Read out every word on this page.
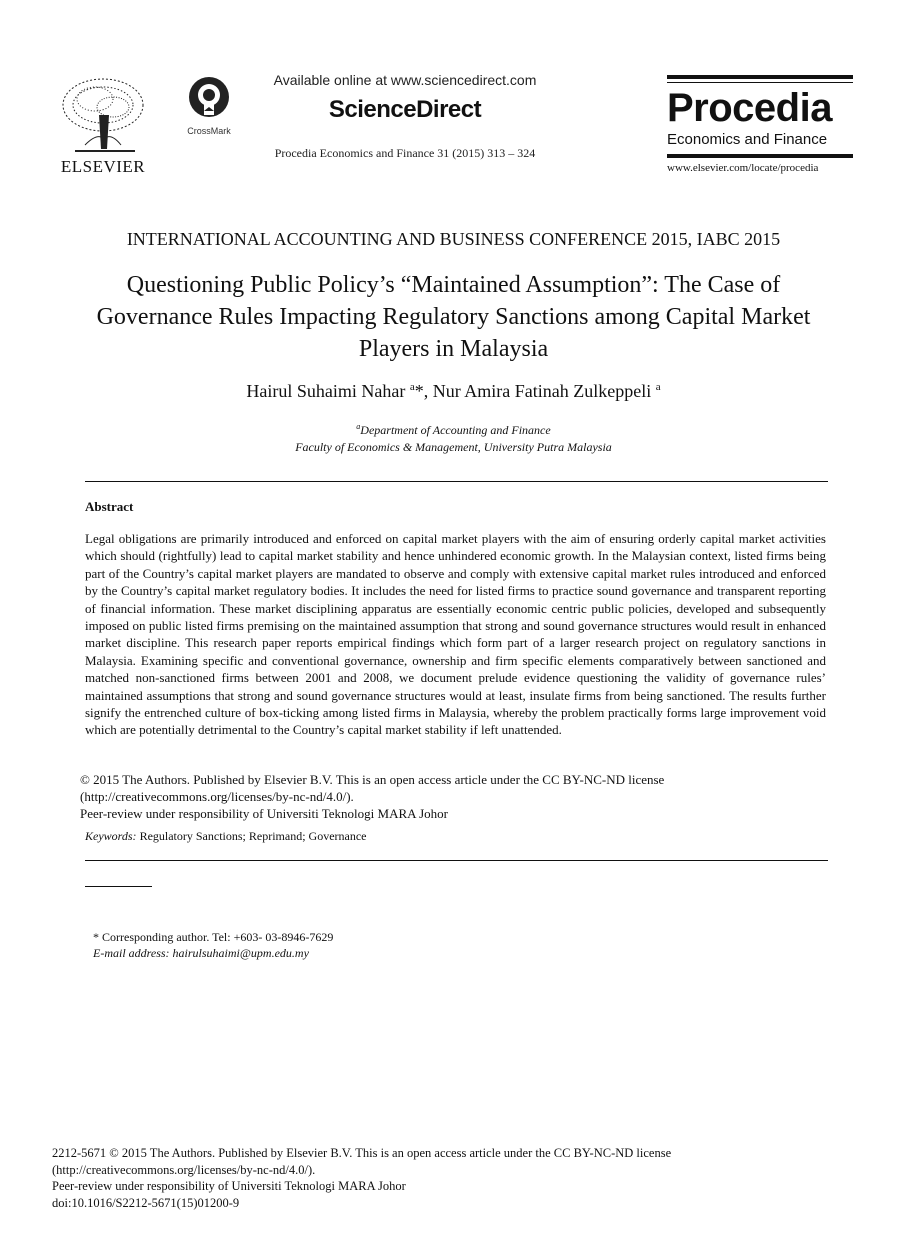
ELSEVIER
CrossMark
Available online at www.sciencedirect.com
ScienceDirect
Procedia Economics and Finance 31 (2015) 313 – 324
Procedia
Economics and Finance
www.elsevier.com/locate/procedia
INTERNATIONAL ACCOUNTING AND BUSINESS CONFERENCE 2015, IABC 2015
Questioning Public Policy’s “Maintained Assumption”: The Case of Governance Rules Impacting Regulatory Sanctions among Capital Market Players in Malaysia
Hairul Suhaimi Nahar $^a$*, Nur Amira Fatinah Zulkeppeli $^a$
$^a$Department of Accounting and Finance
Faculty of Economics & Management, University Putra Malaysia
Abstract
Legal obligations are primarily introduced and enforced on capital market players with the aim of ensuring orderly capital market activities which should (rightfully) lead to capital market stability and hence unhindered economic growth. In the Malaysian context, listed firms being part of the Country’s capital market players are mandated to observe and comply with extensive capital market rules introduced and enforced by the Country’s capital market regulatory bodies. It includes the need for listed firms to practice sound governance and transparent reporting of financial information. These market disciplining apparatus are essentially economic centric public policies, developed and subsequently imposed on public listed firms premising on the maintained assumption that strong and sound governance structures would result in enhanced market discipline. This research paper reports empirical findings which form part of a larger research project on regulatory sanctions in Malaysia. Examining specific and conventional governance, ownership and firm specific elements comparatively between sanctioned and matched non-sanctioned firms between 2001 and 2008, we document prelude evidence questioning the validity of governance rules’ maintained assumptions that strong and sound governance structures would at least, insulate firms from being sanctioned. The results further signify the entrenched culture of box-ticking among listed firms in Malaysia, whereby the problem practically forms large improvement void which are potentially detrimental to the Country’s capital market stability if left unattended.
© 2015 The Authors. Published by Elsevier B.V. This is an open access article under the CC BY-NC-ND license
(http://creativecommons.org/licenses/by-nc-nd/4.0/).
Peer-review under responsibility of Universiti Teknologi MARA Johor
Keywords: Regulatory Sanctions; Reprimand; Governance
* Corresponding author. Tel: +603- 03-8946-7629
E-mail address: hairulsuhaimi@upm.edu.my
2212-5671 © 2015 The Authors. Published by Elsevier B.V. This is an open access article under the CC BY-NC-ND license
(http://creativecommons.org/licenses/by-nc-nd/4.0/).
Peer-review under responsibility of Universiti Teknologi MARA Johor
doi:10.1016/S2212-5671(15)01200-9
